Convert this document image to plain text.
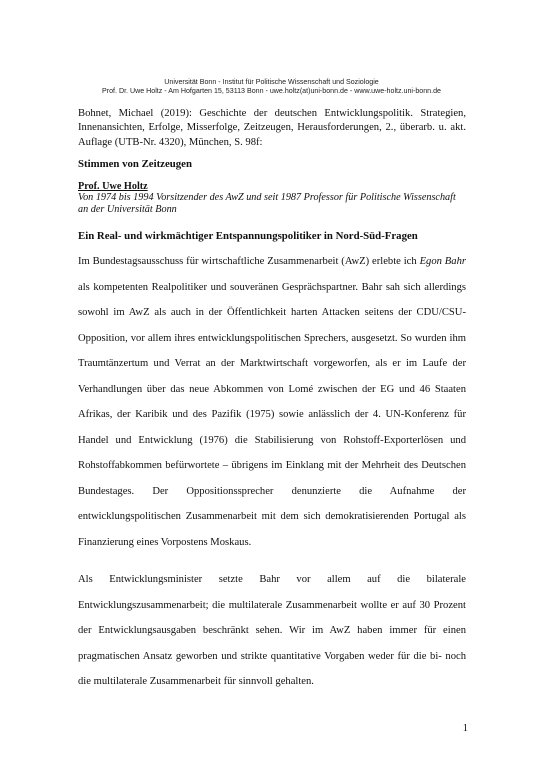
Universität Bonn - Institut für Politische Wissenschaft und Soziologie
Prof. Dr. Uwe Holtz - Am Hofgarten 15, 53113 Bonn - uwe.holtz(at)uni-bonn.de - www.uwe-holtz.uni-bonn.de
Bohnet, Michael (2019): Geschichte der deutschen Entwicklungspolitik. Strategien, Innenansichten, Erfolge, Misserfolge, Zeitzeugen, Herausforderungen, 2., überarb. u. akt. Auflage (UTB-Nr. 4320), München, S. 98f:
Stimmen von Zeitzeugen
Prof. Uwe Holtz
Von 1974 bis 1994 Vorsitzender des AwZ und seit 1987 Professor für Politische Wissenschaft an der Universität Bonn
Ein Real- und wirkmächtiger Entspannungspolitiker in Nord-Süd-Fragen
Im Bundestagsausschuss für wirtschaftliche Zusammenarbeit (AwZ) erlebte ich Egon Bahr als kompetenten Realpolitiker und souveränen Gesprächspartner. Bahr sah sich allerdings sowohl im AwZ als auch in der Öffentlichkeit harten Attacken seitens der CDU/CSU-Opposition, vor allem ihres entwicklungspolitischen Sprechers, ausgesetzt. So wurden ihm Traumtänzertum und Verrat an der Marktwirtschaft vorgeworfen, als er im Laufe der Verhandlungen über das neue Abkommen von Lomé zwischen der EG und 46 Staaten Afrikas, der Karibik und des Pazifik (1975) sowie anlässlich der 4. UN-Konferenz für Handel und Entwicklung (1976) die Stabilisierung von Rohstoff-Exporterlösen und Rohstoffabkommen befürwortete – übrigens im Einklang mit der Mehrheit des Deutschen Bundestages. Der Oppositionssprecher denunzierte die Aufnahme der entwicklungspolitischen Zusammenarbeit mit dem sich demokratisierenden Portugal als Finanzierung eines Vorpostens Moskaus.
Als Entwicklungsminister setzte Bahr vor allem auf die bilaterale Entwicklungszusammenarbeit; die multilaterale Zusammenarbeit wollte er auf 30 Prozent der Entwicklungsausgaben beschränkt sehen. Wir im AwZ haben immer für einen pragmatischen Ansatz geworben und strikte quantitative Vorgaben weder für die bi- noch die multilaterale Zusammenarbeit für sinnvoll gehalten.
1
